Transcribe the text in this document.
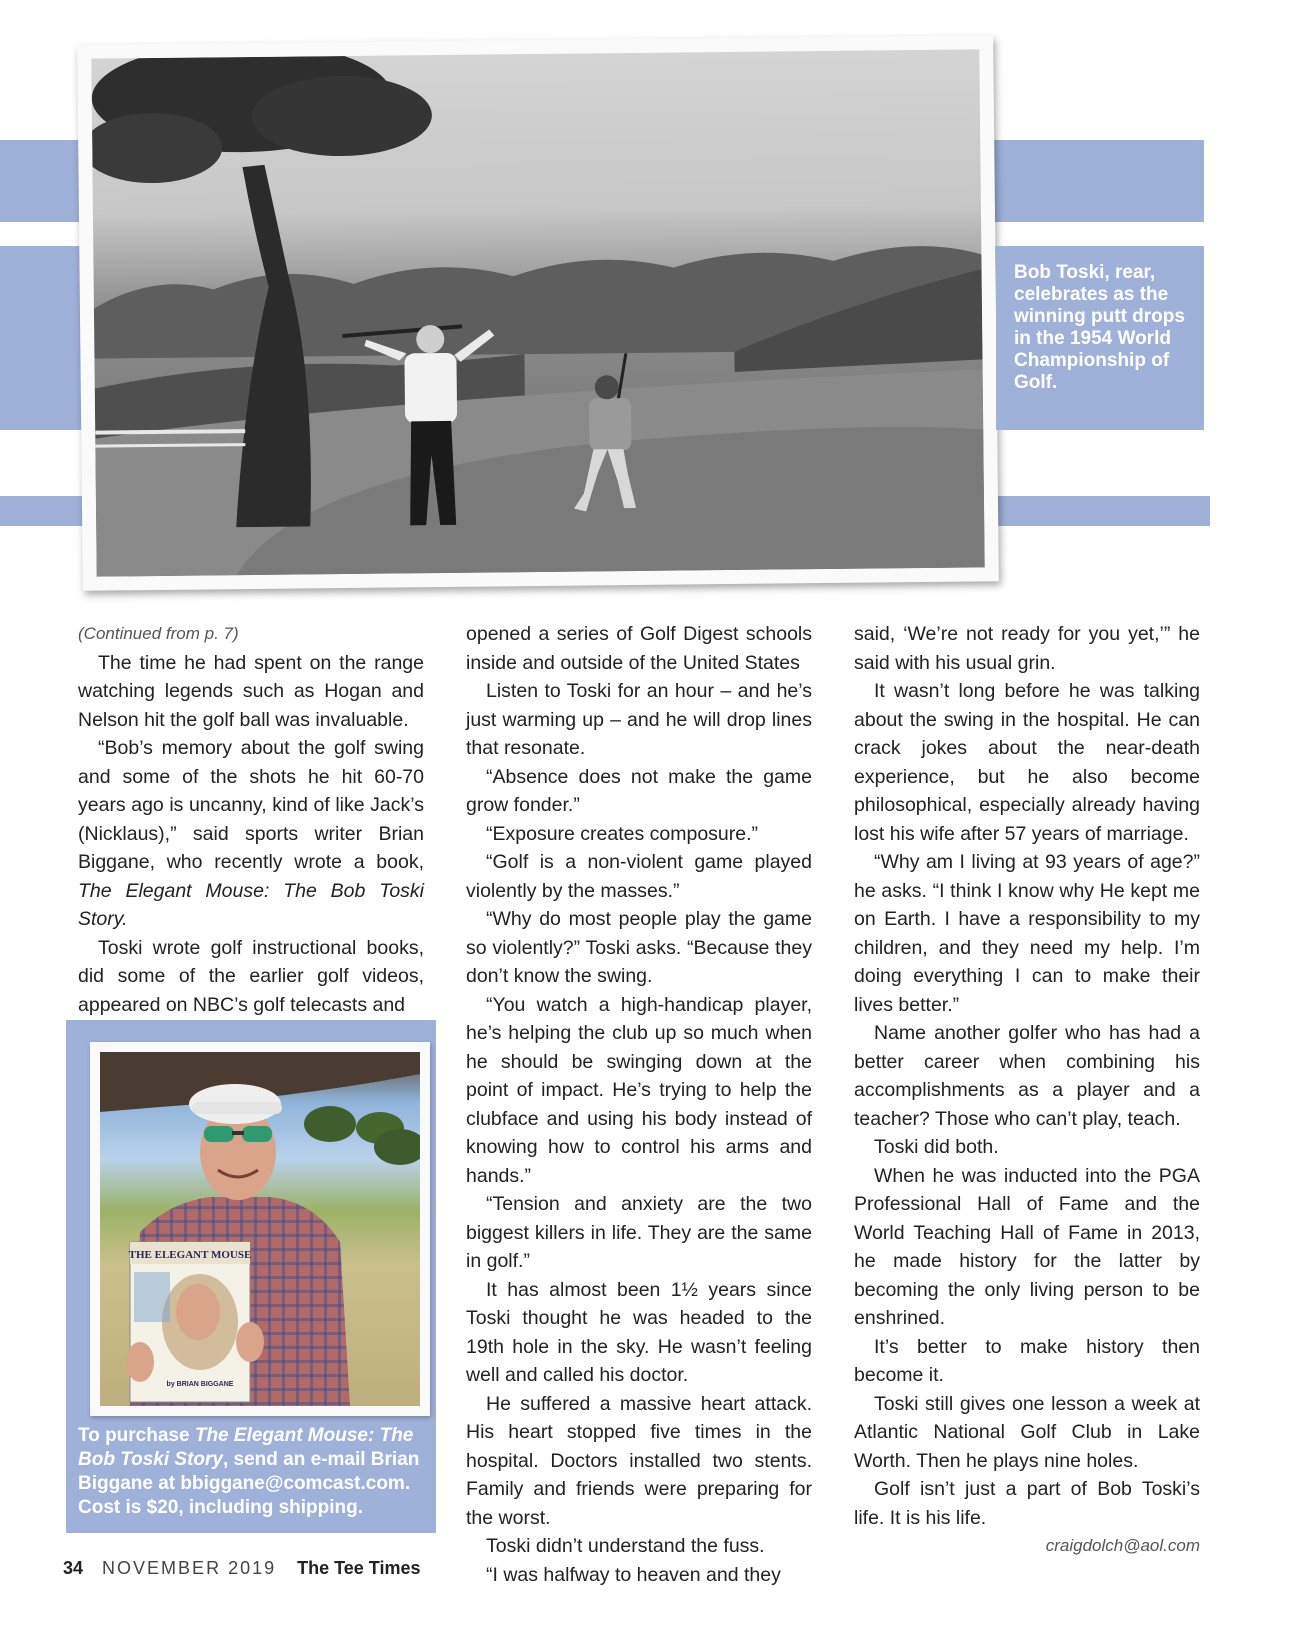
Bob Toski, rear, celebrates as the winning putt drops in the 1954 World Championship of Golf.

(Continued from p. 7)

The time he had spent on the range watching legends such as Hogan and Nelson hit the golf ball was invaluable.

“Bob’s memory about the golf swing and some of the shots he hit 60-70 years ago is uncanny, kind of like Jack’s (Nicklaus),” said sports writer Brian Biggane, who recently wrote a book, The Elegant Mouse: The Bob Toski Story.

Toski wrote golf instructional books, did some of the earlier golf videos, appeared on NBC’s golf telecasts and

THE ELEGANT MOUSE
by BRIAN BIGGANE
To purchase The Elegant Mouse: The Bob Toski Story, send an e-mail Brian Biggane at bbiggane@comcast.com. Cost is $20, including shipping.

opened a series of Golf Digest schools inside and outside of the United States

Listen to Toski for an hour – and he’s just warming up – and he will drop lines that resonate.

“Absence does not make the game grow fonder.”

“Exposure creates composure.”

“Golf is a non-violent game played violently by the masses.”

“Why do most people play the game so violently?” Toski asks. “Because they don’t know the swing.

“You watch a high-handicap player, he’s helping the club up so much when he should be swinging down at the point of impact. He’s trying to help the clubface and using his body instead of knowing how to control his arms and hands.”

“Tension and anxiety are the two biggest killers in life. They are the same in golf.”

It has almost been 1½ years since Toski thought he was headed to the 19th hole in the sky. He wasn’t feeling well and called his doctor.

He suffered a massive heart attack. His heart stopped five times in the hospital. Doctors installed two stents. Family and friends were preparing for the worst.

Toski didn’t understand the fuss.

“I was halfway to heaven and they

said, ‘We’re not ready for you yet,’” he said with his usual grin.

It wasn’t long before he was talking about the swing in the hospital. He can crack jokes about the near-death experience, but he also become philosophical, especially already having lost his wife after 57 years of marriage.

“Why am I living at 93 years of age?” he asks. “I think I know why He kept me on Earth. I have a responsibility to my children, and they need my help. I’m doing everything I can to make their lives better.”

Name another golfer who has had a better career when combining his accomplishments as a player and a teacher? Those who can’t play, teach.

Toski did both.

When he was inducted into the PGA Professional Hall of Fame and the World Teaching Hall of Fame in 2013, he made history for the latter by becoming the only living person to be enshrined.

It’s better to make history then become it.

Toski still gives one lesson a week at Atlantic National Golf Club in Lake Worth. Then he plays nine holes.

Golf isn’t just a part of Bob Toski’s life. It is his life.

craigdolch@aol.com

34 NOVEMBER 2019 The Tee Times
